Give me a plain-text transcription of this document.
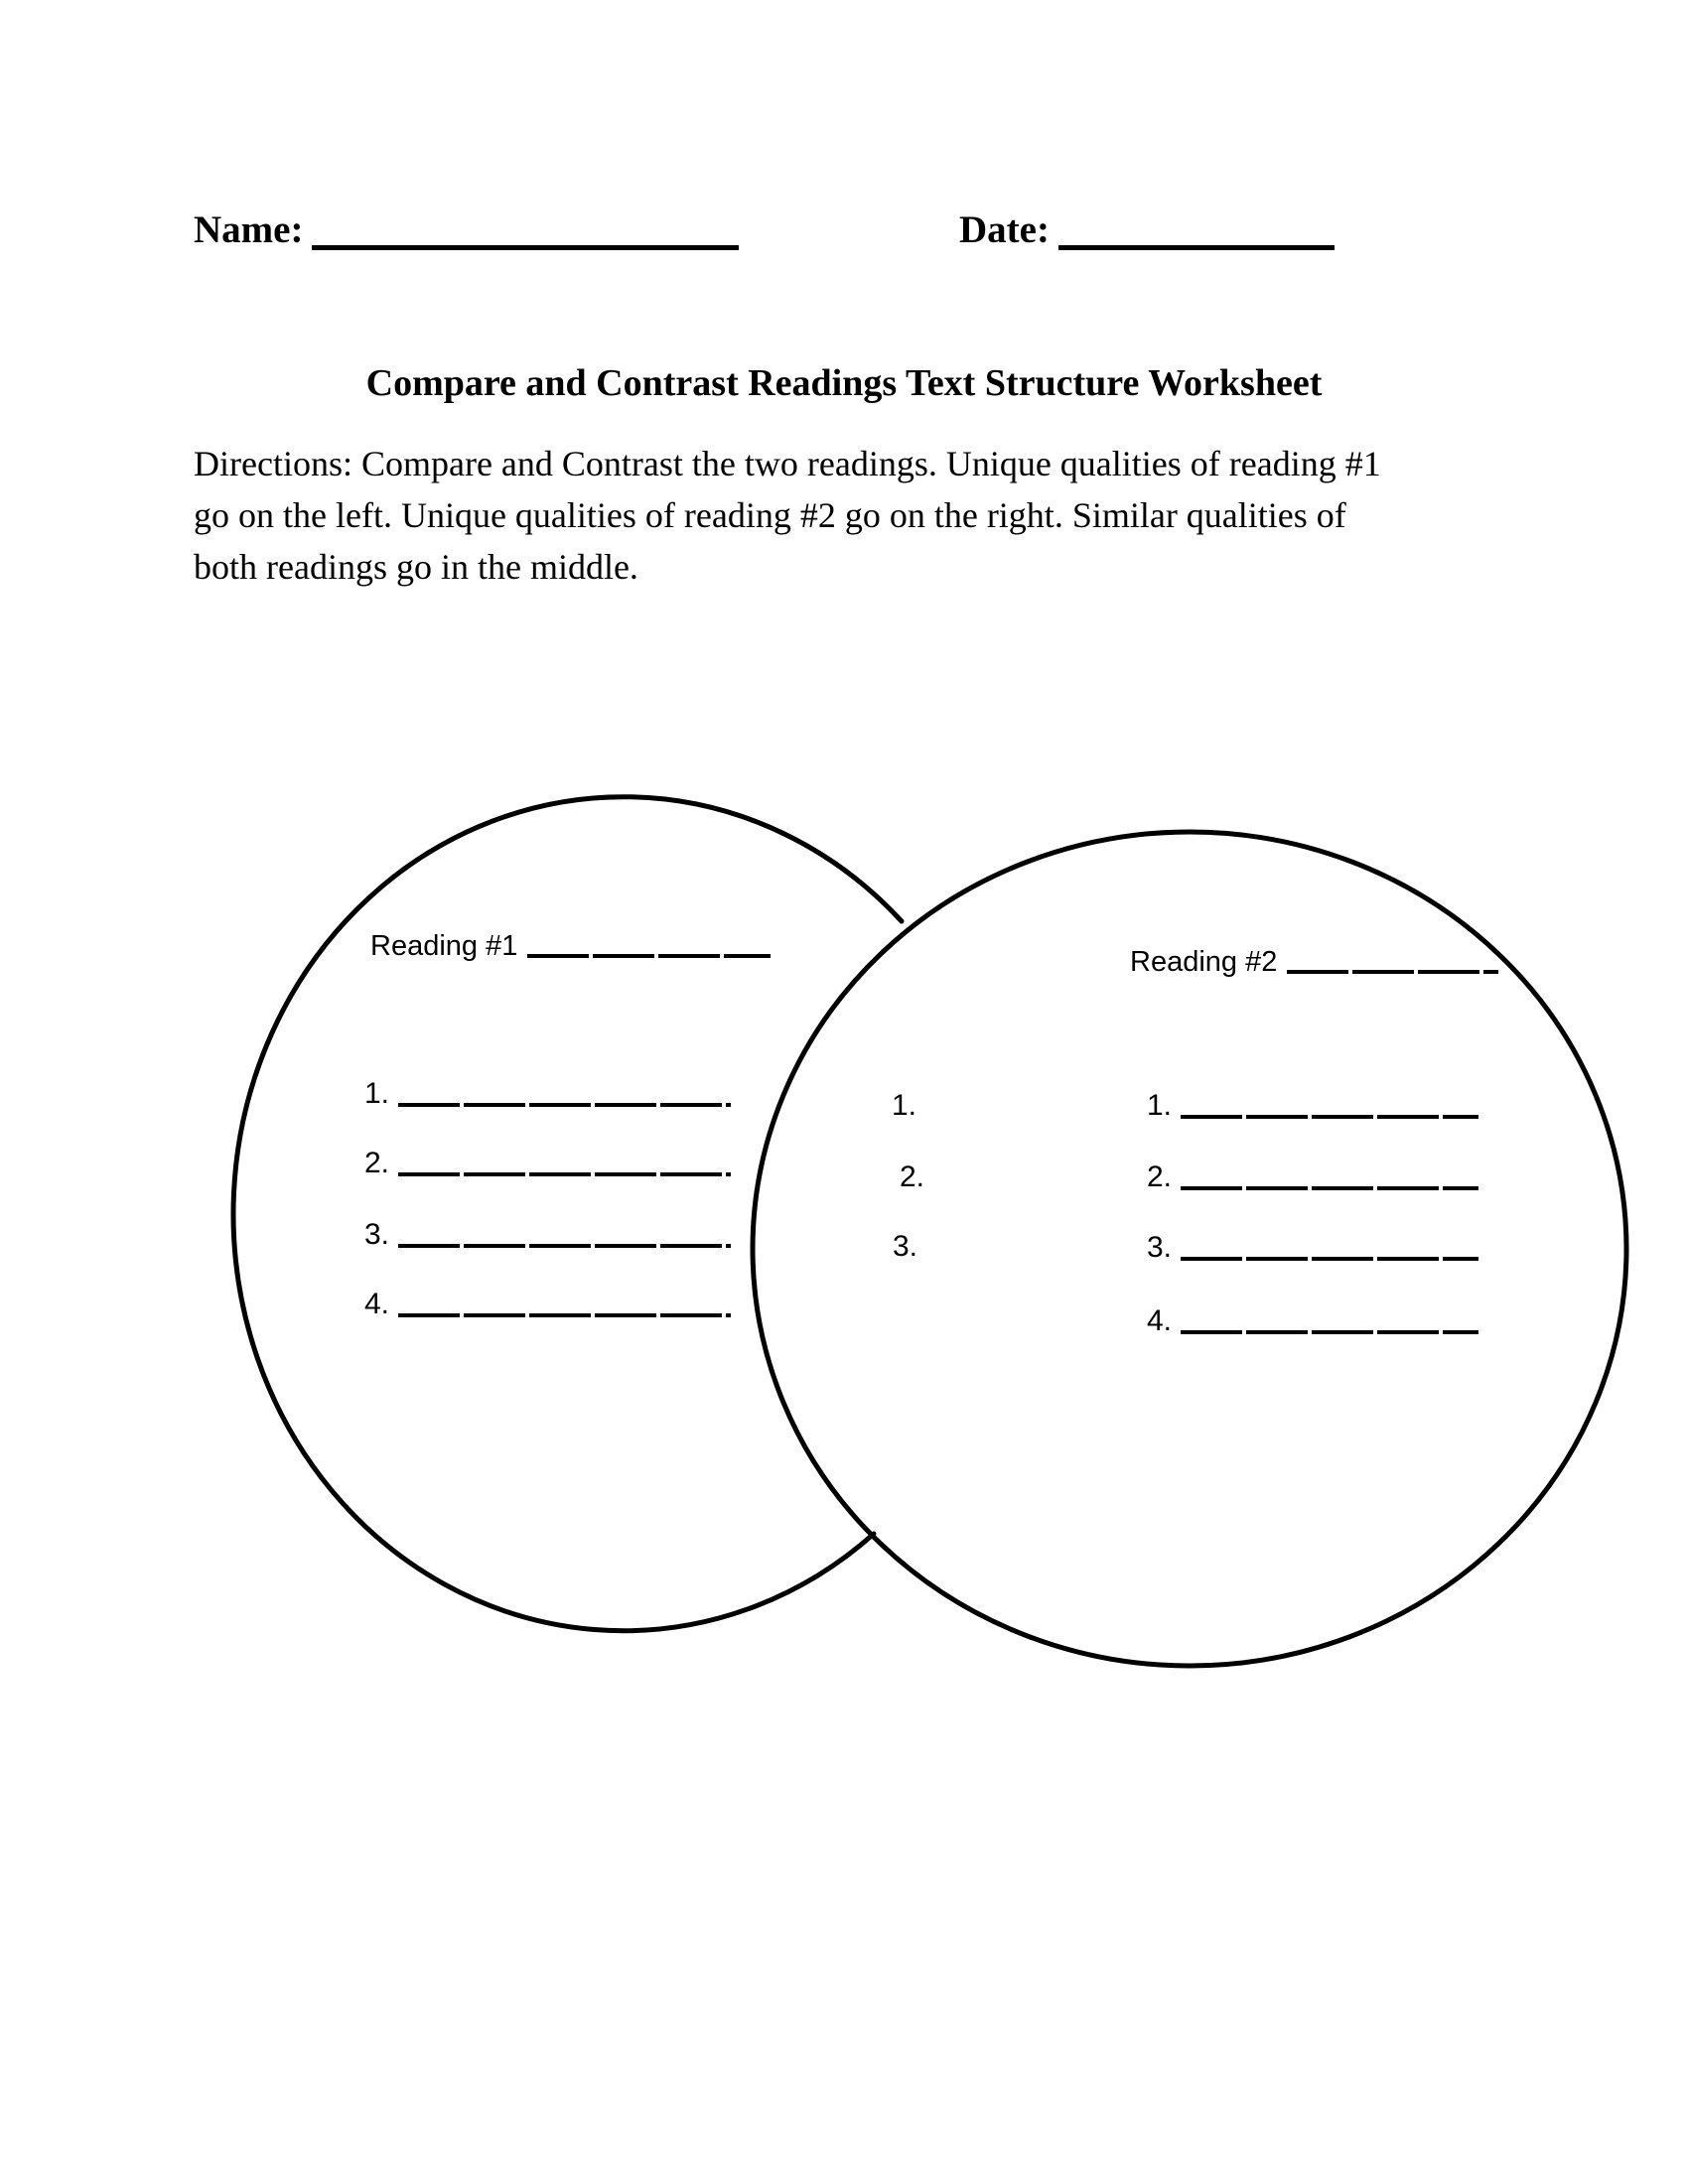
Name:	Date:
Compare and Contrast Readings Text Structure Worksheet
Directions: Compare and Contrast the two readings. Unique qualities of reading #1
go on the left. Unique qualities of reading #2 go on the right. Similar qualities of
both readings go in the middle.
Reading #1	Reading #2
1.
2.
3.
4.
1.
2.
3.
1.
2.
3.
4.
